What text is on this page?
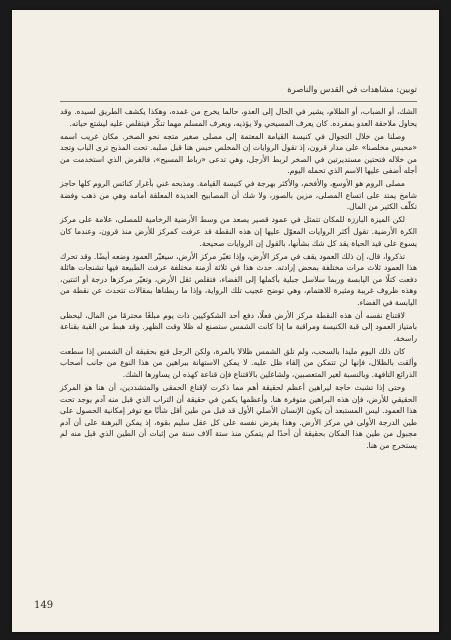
توبين: مشاهدات في القدس والناصرة

الشك، أو الضباب، أو الظلام، يشير في الحال إلى العدو، حالما يخرج من غمده، وهكذا يكشف الطريق لسيده. وقد يحاول ملاحقة العدو بمفرده. كان يعرف المسيحي ولا يؤذيه، ويعرف المسلم مهما تنكّر فيتقلص عليه ليشتع حياته.

وصلنا من خلال التجوال في كنيسة القيامة المعتمة إلى مصلى صغير متجه نحو الصخر. مكان غريب اسمه «محبس مخلصنا» على مدار قرون، إذ تقول الروايات إن المخلص حبس هنا قبل صلبه. تحت المذبح ترى الباب وتجد من خلاله فتحتين مستديرتين في الصخر لربط الأرجل، وهي تدعى «رباط المسيح»، فالفرض الذي استخدمت من أجله أضفى عليها الاسم الذي تحمله اليوم.

مصلى الروم هو الأوسع، والأفخم، والأكثر بهرجة في كنيسة القيامة. ومذبحه غني بأغرار كنائس الروم كلها حاجز شامخ يمتد على اتساع المصلى، مزين بالصور، ولا شك أن المصابيح العديدة المعلقة أمامه وهي من ذهب وفضة تكلّف الكثير من المال.

لكن الميزة البارزة للمكان تتمثل في عمود قصير يصعد من وسط الأرضية الرخامية للمصلى، علامة على مركز الكرة الأرضية. تقول أكثر الروايات المعوّل عليها إن هذه النقطة قد عرفت كمركز للأرض منذ قرون، وعندما كان يسوع على قيد الحياة يقد كل شك بشأنها، بالقول إن الروايات صحيحة.

تذكروا، قال، إن ذلك العمود يقف في مركز الأرض، وإذا تغيّر مركز الأرض، سيغيّر العمود وضعه أيضًا. وقد تحرك هذا العمود ثلاث مرات مختلفة بمحض إرادته. حدث هذا في ثلاثة أزمنة مختلفة عرفت الطبيعة فيها تشنجات هائلة دفعت كتلًا من اليابسة وربما سلاسل جبلية بأكملها إلى الفضاء، فتقلص ثقل الأرض، وتغيّر مركزها درجة أو اثنتين، وهذه ظروف غريبة ومثيرة للاهتمام، وهي توضح عجيب تلك الرواية، وإذا ما ربطناها بمقالات تتحدث عن نقطة من اليابسة في الفضاء.

لاقتناع نفسه أن هذه النقطة مركز الأرض فعلًا، دفع أحد الشكوكيين ذات يوم مبلغًا محترمًا من المال، ليحظى بامتياز العمود إلى قبة الكنيسة ومراقبة ما إذا كانت الشمس ستصنع له ظلا وقت الظهر. وقد هبط من القبة بقناعة راسخة.

كان ذلك اليوم مليدا بالسحب، ولم تلق الشمس ظلالا بالمرة، ولكن الرجل قنع بحقيقة أن الشمس إذا سطعت وألقت بالظلال، فإنها لن تتمكن من إلقاء ظل عليه. لا يمكن الاستهانة ببراهين من هذا النوع من جانب أصحاب الذرائع التافهة. وبالنسبة لغير المتعصبين، ولشاغلين بالاقتناع فإن قناعة كهذه لن يساورها الشك.

وحتى إذا تشبث حاجة ليراهين أعظم لحقيقة أهم مما ذكرت لإقناع الحمقى والمتشددين، أن هنا هو المركز الحقيقي للأرض، فإن هذه البراهين متوفرة هنا. وأعظمها يكمن في حقيقة أن التراب الذي قبل منه آدم يوجد تحت هذا العمود. ليس المستبعد أن يكون الإنسان الأصلي الأول قد قبل من طين أقل شأنًا مع توفر إمكانية الحصول على طين الدرجة الأولى في مركز الأرض. وهذا يفرض نفسه على كل عقل سليم بقوة، إذ يمكن البرهنة على أن آدم مجبول من طين هذا المكان بحقيقة أن أحدًا لم يتمكن منذ ستة آلاف سنة من إثبات أن الطين الذي قبل منه لم يستخرج من هنا.

149
